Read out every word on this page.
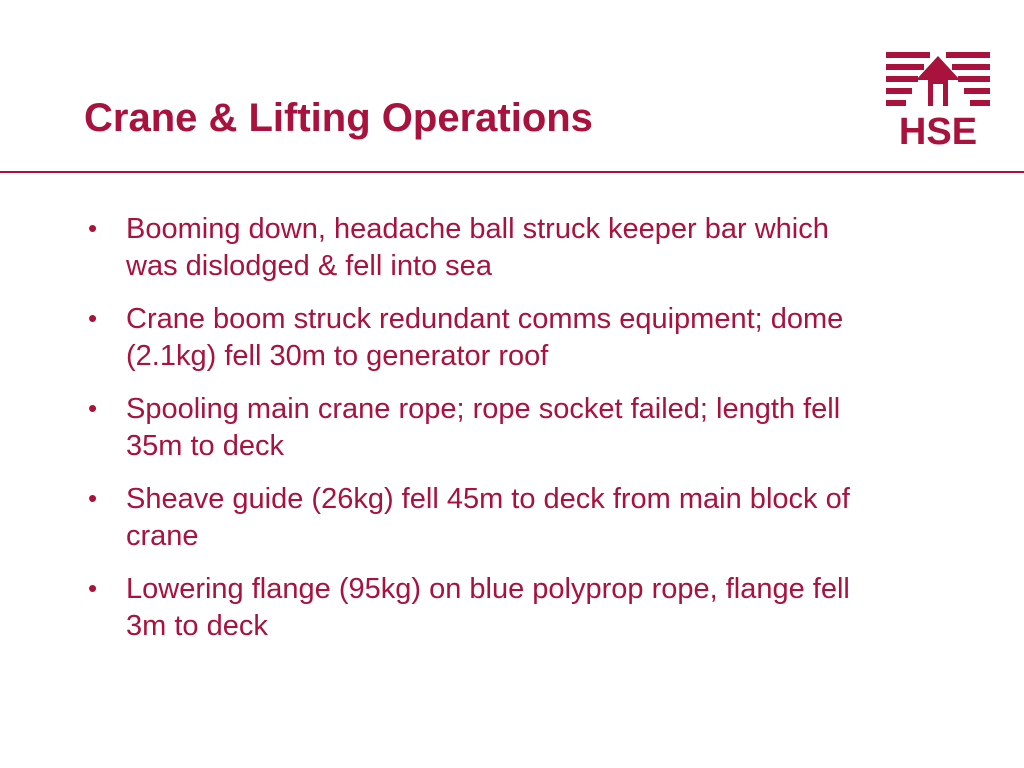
Crane & Lifting Operations	HSE
• Booming down, headache ball struck keeper bar which was dislodged & fell into sea
• Crane boom struck redundant comms equipment; dome (2.1kg) fell 30m to generator roof
• Spooling main crane rope; rope socket failed; length fell 35m to deck
• Sheave guide (26kg) fell 45m to deck from main block of crane
• Lowering flange (95kg) on blue polyprop rope, flange fell 3m to deck
